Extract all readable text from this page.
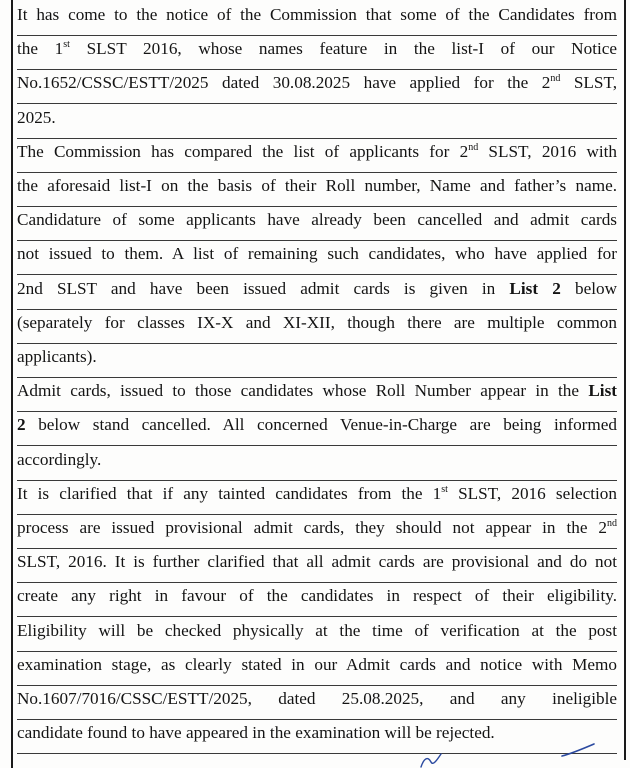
It has come to the notice of the Commission that some of the Candidates from
the 1st SLST 2016, whose names feature in the list-I of our Notice
No.1652/CSSC/ESTT/2025 dated 30.08.2025 have applied for the 2nd SLST,
2025.
The Commission has compared the list of applicants for 2nd SLST, 2016 with
the aforesaid list-I on the basis of their Roll number, Name and father’s name.
Candidature of some applicants have already been cancelled and admit cards
not issued to them. A list of remaining such candidates, who have applied for
2nd SLST and have been issued admit cards is given in List 2 below
(separately for classes IX-X and XI-XII, though there are multiple common
applicants).
Admit cards, issued to those candidates whose Roll Number appear in the List
2 below stand cancelled. All concerned Venue-in-Charge are being informed
accordingly.
It is clarified that if any tainted candidates from the 1st SLST, 2016 selection
process are issued provisional admit cards, they should not appear in the 2nd
SLST, 2016. It is further clarified that all admit cards are provisional and do not
create any right in favour of the candidates in respect of their eligibility.
Eligibility will be checked physically at the time of verification at the post
examination stage, as clearly stated in our Admit cards and notice with Memo
No.1607/7016/CSSC/ESTT/2025, dated 25.08.2025, and any ineligible
candidate found to have appeared in the examination will be rejected.
